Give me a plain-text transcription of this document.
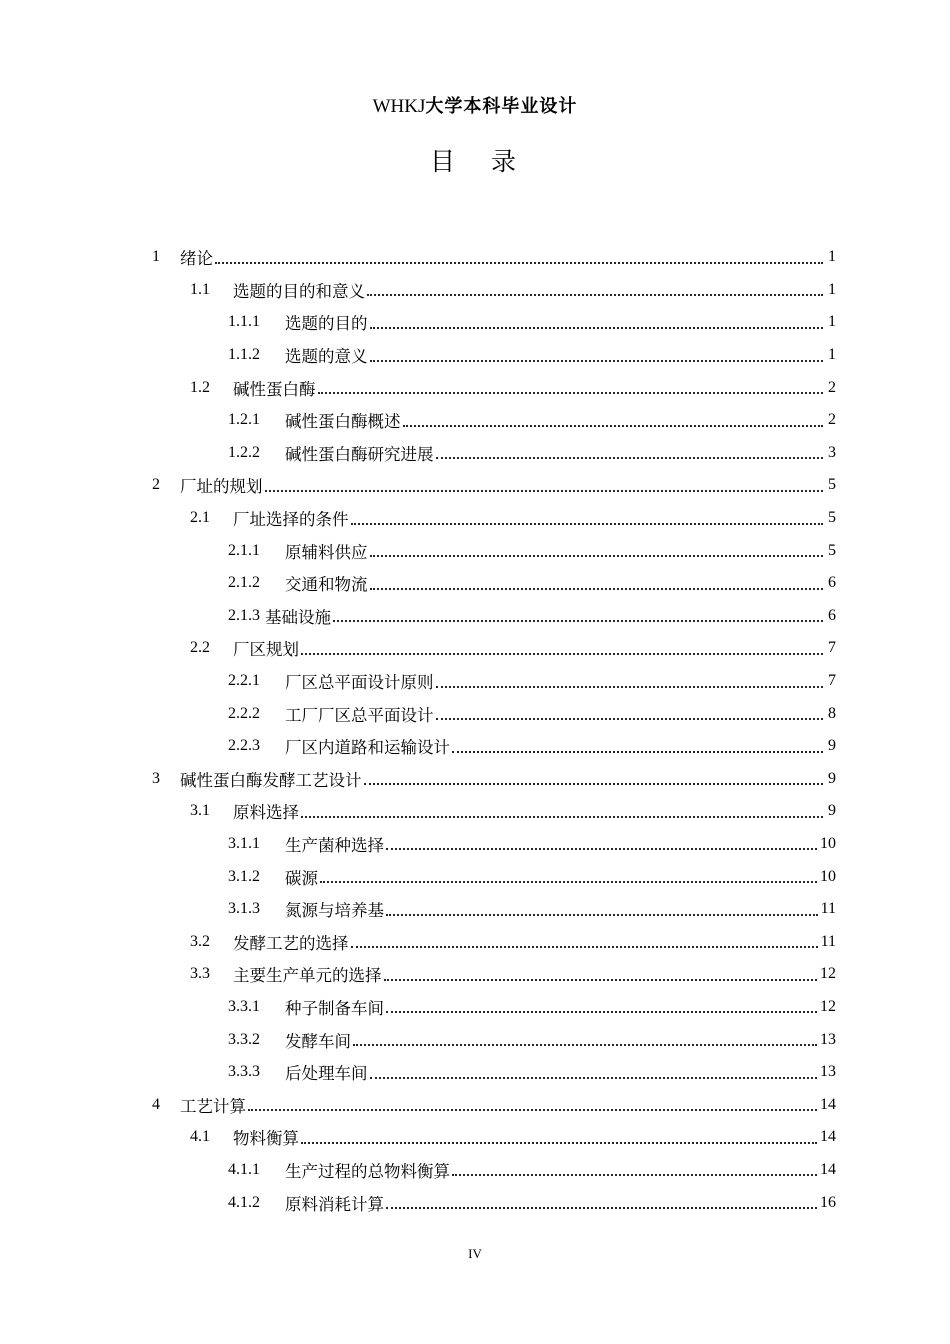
WHKJ大学本科毕业设计
目 录
1	绪论	1
1.1	选题的目的和意义	1
1.1.1	选题的目的	1
1.1.2	选题的意义	1
1.2	碱性蛋白酶	2
1.2.1	碱性蛋白酶概述	2
1.2.2	碱性蛋白酶研究进展	3
2	厂址的规划	5
2.1	厂址选择的条件	5
2.1.1	原辅料供应	5
2.1.2	交通和物流	6
2.1.3 基础设施	6
2.2	厂区规划	7
2.2.1	厂区总平面设计原则	7
2.2.2	工厂厂区总平面设计	8
2.2.3	厂区内道路和运输设计	9
3	碱性蛋白酶发酵工艺设计	9
3.1	原料选择	9
3.1.1	生产菌种选择	10
3.1.2	碳源	10
3.1.3	氮源与培养基	11
3.2	发酵工艺的选择	11
3.3	主要生产单元的选择	12
3.3.1	种子制备车间	12
3.3.2	发酵车间	13
3.3.3	后处理车间	13
4	工艺计算	14
4.1	物料衡算	14
4.1.1	生产过程的总物料衡算	14
4.1.2	原料消耗计算	16
IV
